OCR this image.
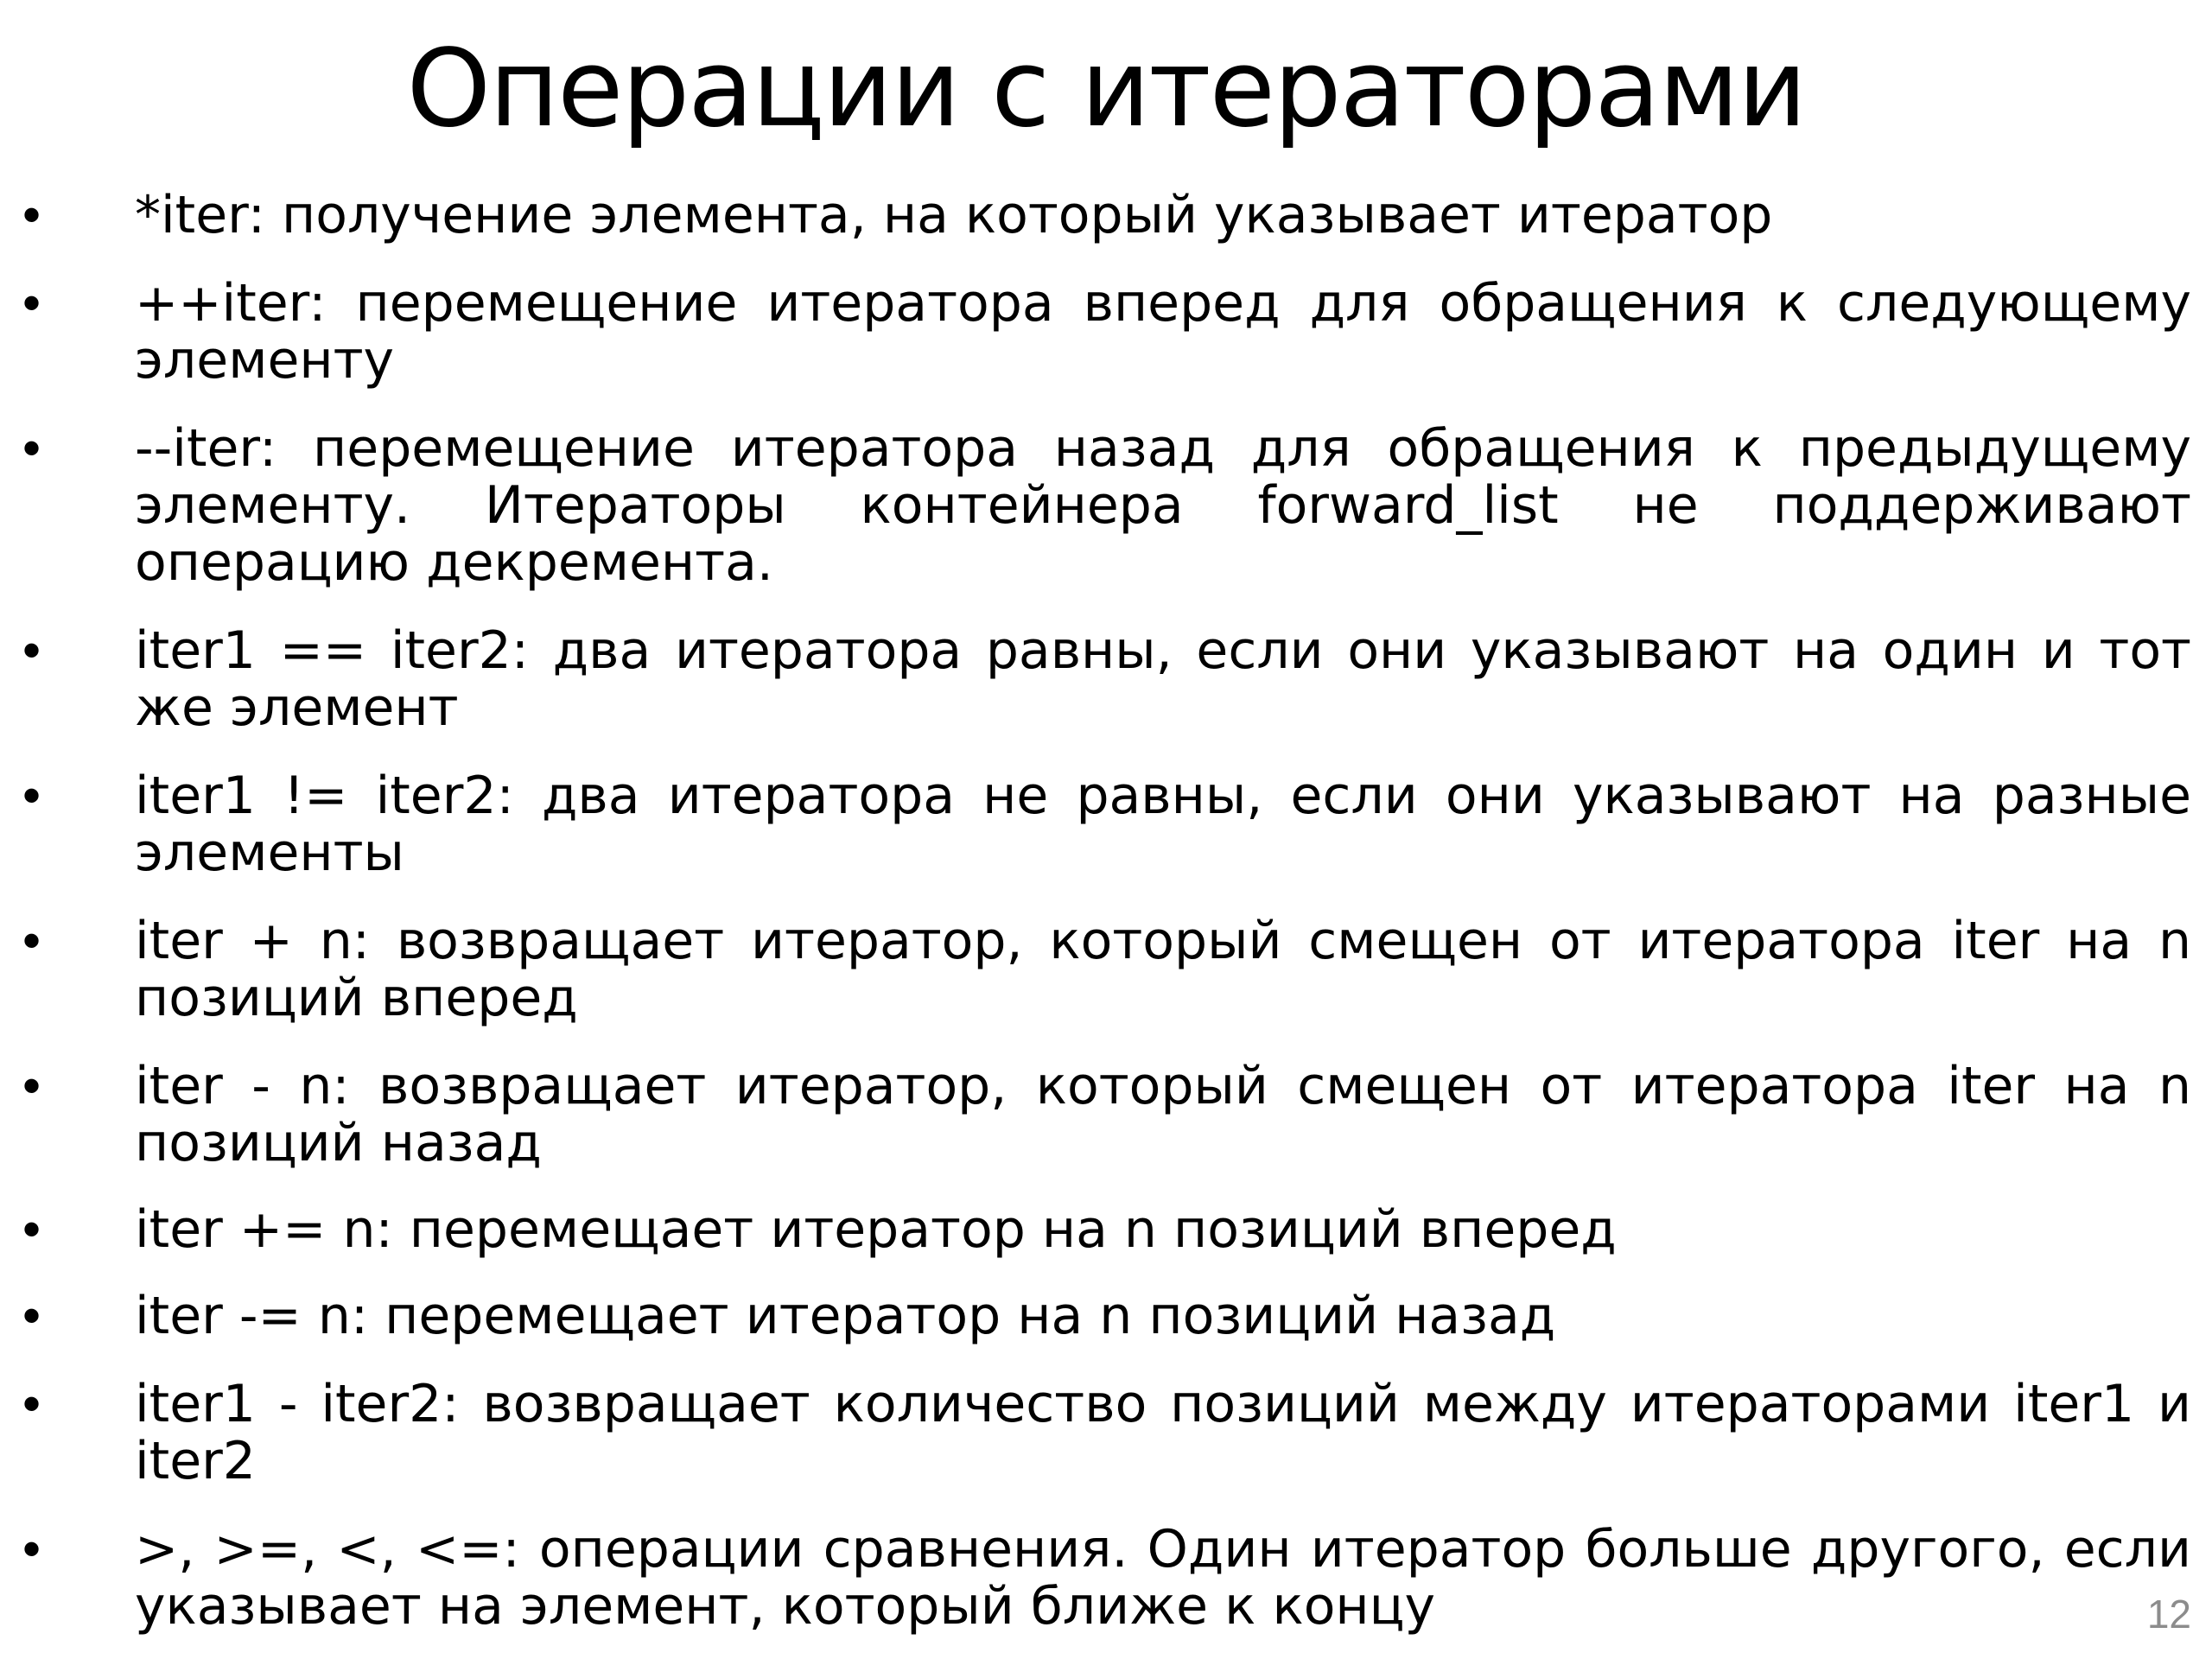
Операции с итераторами
• *iter: получение элемента, на который указывает итератор
• ++iter: перемещение итератора вперед для обращения к следующему элементу
• --iter: перемещение итератора назад для обращения к предыдущему элементу. Итераторы контейнера forward_list не поддерживают операцию декремента.
• iter1 == iter2: два итератора равны, если они указывают на один и тот же элемент
• iter1 != iter2: два итератора не равны, если они указывают на разные элементы
• iter + n: возвращает итератор, который смещен от итератора iter на n позиций вперед
• iter - n: возвращает итератор, который смещен от итератора iter на n позиций назад
• iter += n: перемещает итератор на n позиций вперед
• iter -= n: перемещает итератор на n позиций назад
• iter1 - iter2: возвращает количество позиций между итераторами iter1 и iter2
• >, >=, <, <=: операции сравнения. Один итератор больше другого, если указывает на элемент, который ближе к концу	12
